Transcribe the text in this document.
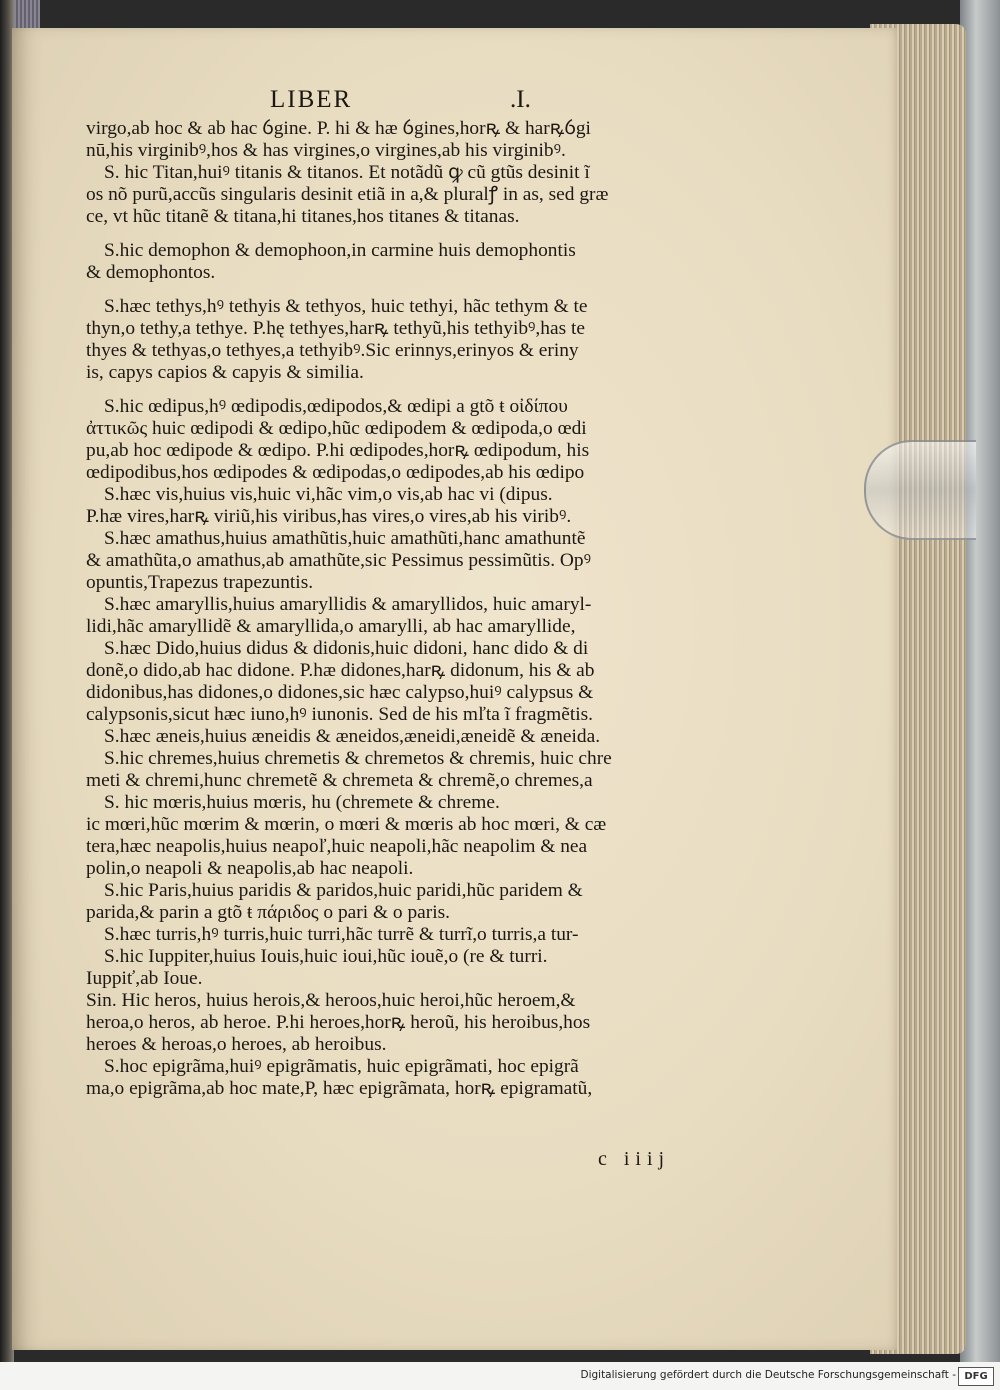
LIBER	.I.
virgo,ab hoc & ab hac ỽgine. P. hi & hæ ỽgines,horꝶ & harꝶỽgi
nū,his virginibꝰ,hos & has virgines,o virgines,ab his virginibꝰ.
S. hic Titan,huiꝰ titanis & titanos. Et notãdũ ꝙ cũ gtũs desinit ĩ
os nõ purũ,accũs singularis desinit etiã in a,& pluralꝭ in as, sed græ
ce, vt hũc titanẽ & titana,hi titanes,hos titanes & titanas.
S.hic demophon & demophoon,in carmine huis demophontis
& demophontos.
S.hæc tethys,hꝰ tethyis & tethyos, huic tethyi, hãc tethym & te
thyn,o tethy,a tethye. P.hę tethyes,harꝶ tethyũ,his tethyibꝰ,has te
thyes & tethyas,o tethyes,a tethyibꝰ.Sic erinnys,erinyos & eriny
is, capys capios & capyis & similia.
S.hic œdipus,hꝰ œdipodis,œdipodos,& œdipi a gtõ ŧ οἰδίπου
ἀττικῶς huic œdipodi & œdipo,hũc œdipodem & œdipoda,o œdi
pu,ab hoc œdipode & œdipo. P.hi œdipodes,horꝶ œdipodum, his
œdipodibus,hos œdipodes & œdipodas,o œdipodes,ab his œdipo
S.hæc vis,huius vis,huic vi,hãc vim,o vis,ab hac vi (dipus.
P.hæ vires,harꝶ viriũ,his viribus,has vires,o vires,ab his viribꝰ.
S.hæc amathus,huius amathũtis,huic amathũti,hanc amathuntẽ
& amathũta,o amathus,ab amathũte,sic Pessimus pessimũtis. Opꝰ
opuntis,Trapezus trapezuntis.
S.hæc amaryllis,huius amaryllidis & amaryllidos, huic amaryl-
lidi,hãc amaryllidẽ & amaryllida,o amarylli, ab hac amaryllide,
S.hæc Dido,huius didus & didonis,huic didoni, hanc dido & di
donẽ,o dido,ab hac didone. P.hæ didones,harꝶ didonum, his & ab
didonibus,has didones,o didones,sic hæc calypso,huiꝰ calypsus &
calypsonis,sicut hæc iuno,hꝰ iunonis. Sed de his mľta ĩ fragmẽtis.
S.hæc æneis,huius æneidis & æneidos,æneidi,æneidẽ & æneida.
S.hic chremes,huius chremetis & chremetos & chremis, huic chre
meti & chremi,hunc chremetẽ & chremeta & chremẽ,o chremes,a
S. hic mœris,huius mœris, hu (chremete & chreme.
ic mœri,hũc mœrim & mœrin, o mœri & mœris ab hoc mœri, & cæ
tera,hæc neapolis,huius neapoľ,huic neapoli,hãc neapolim & nea
polin,o neapoli & neapolis,ab hac neapoli.
S.hic Paris,huius paridis & paridos,huic paridi,hũc paridem &
parida,& parin a gtõ ŧ πάριδος o pari & o paris.
S.hæc turris,hꝰ turris,huic turri,hãc turrẽ & turrĩ,o turris,a tur-
S.hic Iuppiter,huius Iouis,huic ioui,hũc iouẽ,o (re & turri.
Iuppiť,ab Ioue.
Sin. Hic heros, huius herois,& heroos,huic heroi,hũc heroem,&
heroa,o heros, ab heroe. P.hi heroes,horꝶ heroũ, his heroibus,hos
heroes & heroas,o heroes, ab heroibus.
S.hoc epigrãma,huiꝰ epigrãmatis, huic epigrãmati, hoc epigrã
ma,o epigrãma,ab hoc mate,P, hæc epigrãmata, horꝶ epigramatũ,
c iiij
Digitalisierung gefördert durch die Deutsche Forschungsgemeinschaft - DFG
